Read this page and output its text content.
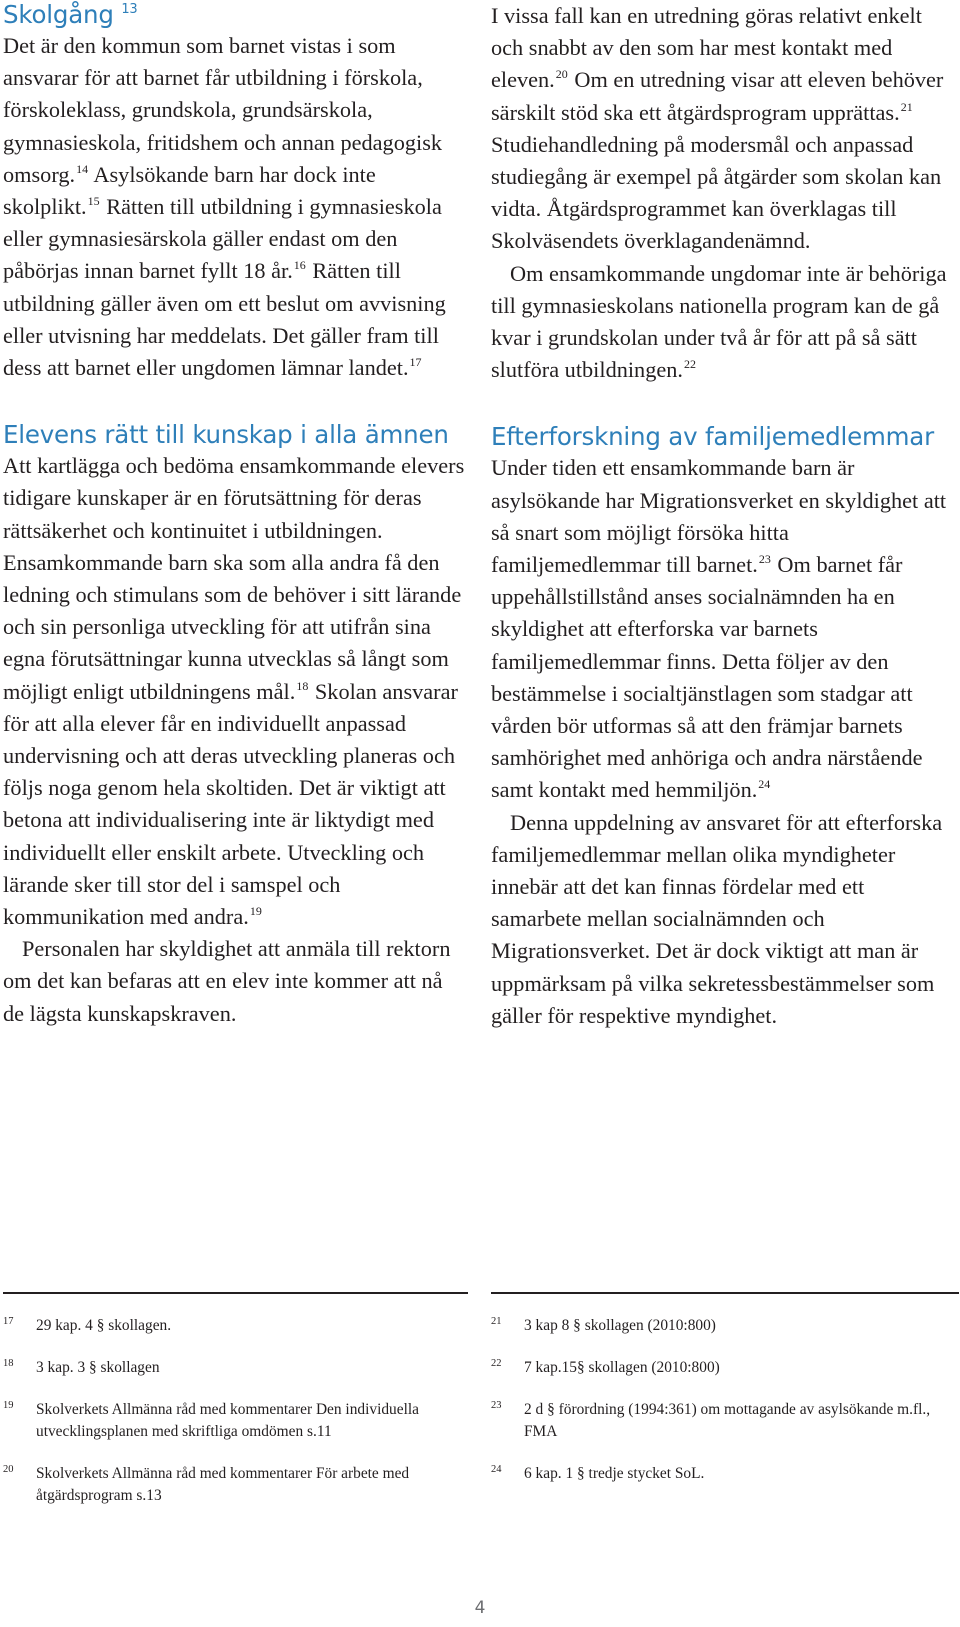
Skolgång $^{13}$

Det är den kommun som barnet vistas i som ansvarar för att barnet får utbildning i förskola, förskoleklass, grundskola, grundsärskola, gymnasieskola, fritidshem och annan pedagogisk omsorg.$^{14}$ Asylsökande barn har dock inte skolplikt.$^{15}$ Rätten till utbildning i gymnasieskola eller gymnasiesärskola gäller endast om den påbörjas innan barnet fyllt 18 år.$^{16}$ Rätten till utbildning gäller även om ett beslut om avvisning eller utvisning har meddelats. Det gäller fram till dess att barnet eller ungdomen lämnar landet.$^{17}$

Elevens rätt till kunskap i alla ämnen

Att kartlägga och bedöma ensamkommande elevers tidigare kunskaper är en förutsättning för deras rättsäkerhet och kontinuitet i utbildningen. Ensamkommande barn ska som alla andra få den ledning och stimulans som de behöver i sitt lärande och sin personliga utveckling för att utifrån sina egna förutsättningar kunna utvecklas så långt som möjligt enligt utbildningens mål.$^{18}$ Skolan ansvarar för att alla elever får en individuellt anpassad undervisning och att deras utveckling planeras och följs noga genom hela skoltiden. Det är viktigt att betona att individualisering inte är liktydigt med individuellt eller enskilt arbete. Utveckling och lärande sker till stor del i samspel och kommunikation med andra.$^{19}$

Personalen har skyldighet att anmäla till rektorn om det kan befaras att en elev inte kommer att nå de lägsta kunskapskraven.

I vissa fall kan en utredning göras relativt enkelt och snabbt av den som har mest kontakt med eleven.$^{20}$ Om en utredning visar att eleven behöver särskilt stöd ska ett åtgärdsprogram upprättas.$^{21}$ Studiehandledning på modersmål och anpassad studiegång är exempel på åtgärder som skolan kan vidta. Åtgärdsprogrammet kan överklagas till Skolväsendets överklagandenämnd.

Om ensamkommande ungdomar inte är behöriga till gymnasieskolans nationella program kan de gå kvar i grundskolan under två år för att på så sätt slutföra utbildningen.$^{22}$

Efterforskning av familjemedlemmar

Under tiden ett ensamkommande barn är asylsökande har Migrationsverket en skyldighet att så snart som möjligt försöka hitta familjemedlemmar till barnet.$^{23}$ Om barnet får uppehållstillstånd anses socialnämnden ha en skyldighet att efterforska var barnets familjemedlemmar finns. Detta följer av den bestämmelse i socialtjänstlagen som stadgar att vården bör utformas så att den främjar barnets samhörighet med anhöriga och andra närstående samt kontakt med hemmiljön.$^{24}$

Denna uppdelning av ansvaret för att efterforska familjemedlemmar mellan olika myndigheter innebär att det kan finnas fördelar med ett samarbete mellan socialnämnden och Migrationsverket. Det är dock viktigt att man är uppmärksam på vilka sekretessbestämmelser som gäller för respektive myndighet.

17 29 kap. 4 § skollagen.
18 3 kap. 3 § skollagen
19 Skolverkets Allmänna råd med kommentarer Den individuella utvecklingsplanen med skriftliga omdömen s.11
20 Skolverkets Allmänna råd med kommentarer För arbete med åtgärdsprogram s.13
21 3 kap 8 § skollagen (2010:800)
22 7 kap.15§ skollagen (2010:800)
23 2 d § förordning (1994:361) om mottagande av asylsökande m.fl., FMA
24 6 kap. 1 § tredje stycket SoL.
4
